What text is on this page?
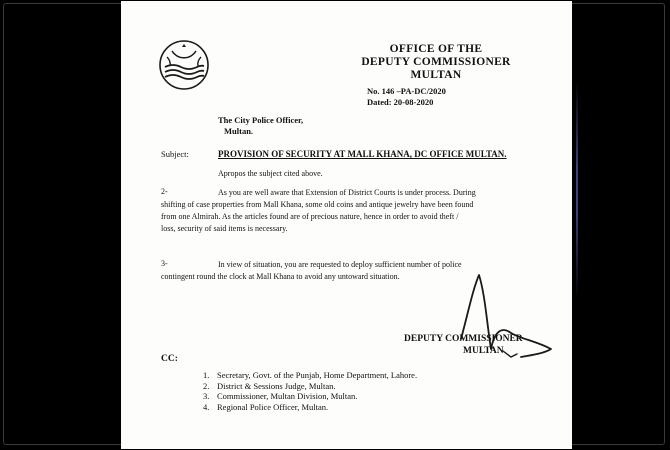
OFFICE OF THE
DEPUTY COMMISSIONER
MULTAN
No. 146 –PA-DC/2020
Dated: 20-08-2020
The City Police Officer,
Multan.
Subject:	PROVISION OF SECURITY AT MALL KHANA, DC OFFICE MULTAN.
Apropos the subject cited above.
2-	As you are well aware that Extension of District Courts is under process. During
shifting of case properties from Mall Khana, some old coins and antique jewelry have been found
from one Almirah. As the articles found are of precious nature, hence in order to avoid theft /
loss, security of said items is necessary.
3-	In view of situation, you are requested to deploy sufficient number of police
contingent round the clock at Mall Khana to avoid any untoward situation.
DEPUTY COMMISSIONER
MULTAN
CC:
1. Secretary, Govt. of the Punjab, Home Department, Lahore.
2. District & Sessions Judge, Multan.
3. Commissioner, Multan Division, Multan.
4. Regional Police Officer, Multan.
